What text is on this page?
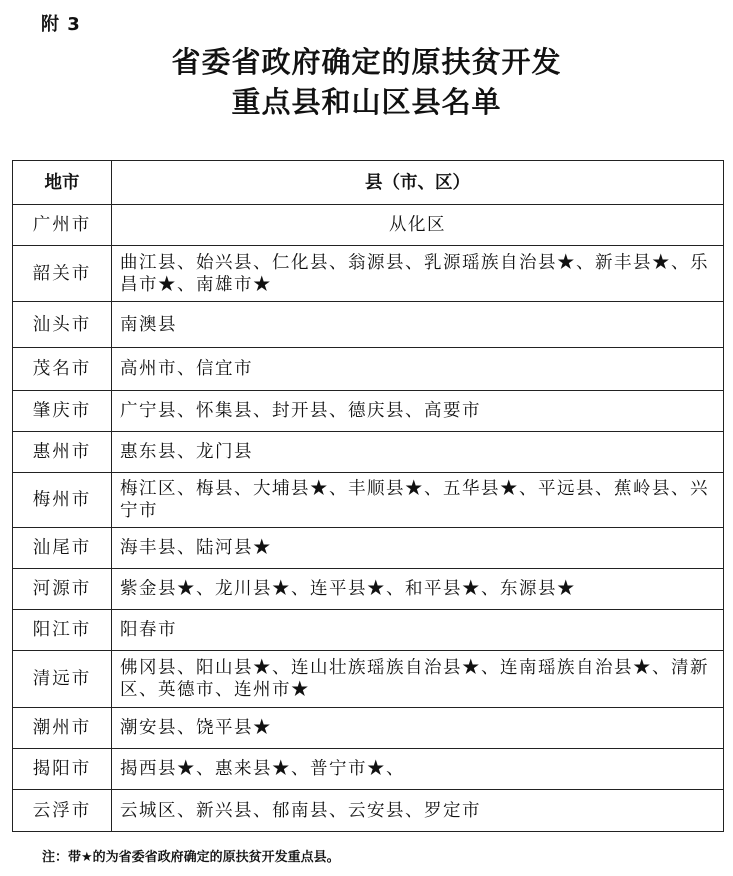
附 3
省委省政府确定的原扶贫开发
重点县和山区县名单
地市	县（市、区）
广州市	从化区
韶关市	曲江县、始兴县、仁化县、翁源县、乳源瑶族自治县★、新丰县★、乐昌市★、南雄市★
汕头市	南澳县
茂名市	高州市、信宜市
肇庆市	广宁县、怀集县、封开县、德庆县、高要市
惠州市	惠东县、龙门县
梅州市	梅江区、梅县、大埔县★、丰顺县★、五华县★、平远县、蕉岭县、兴宁市
汕尾市	海丰县、陆河县★
河源市	紫金县★、龙川县★、连平县★、和平县★、东源县★
阳江市	阳春市
清远市	佛冈县、阳山县★、连山壮族瑶族自治县★、连南瑶族自治县★、清新区、英德市、连州市★
潮州市	潮安县、饶平县★
揭阳市	揭西县★、惠来县★、普宁市★、
云浮市	云城区、新兴县、郁南县、云安县、罗定市
注：带★的为省委省政府确定的原扶贫开发重点县。
